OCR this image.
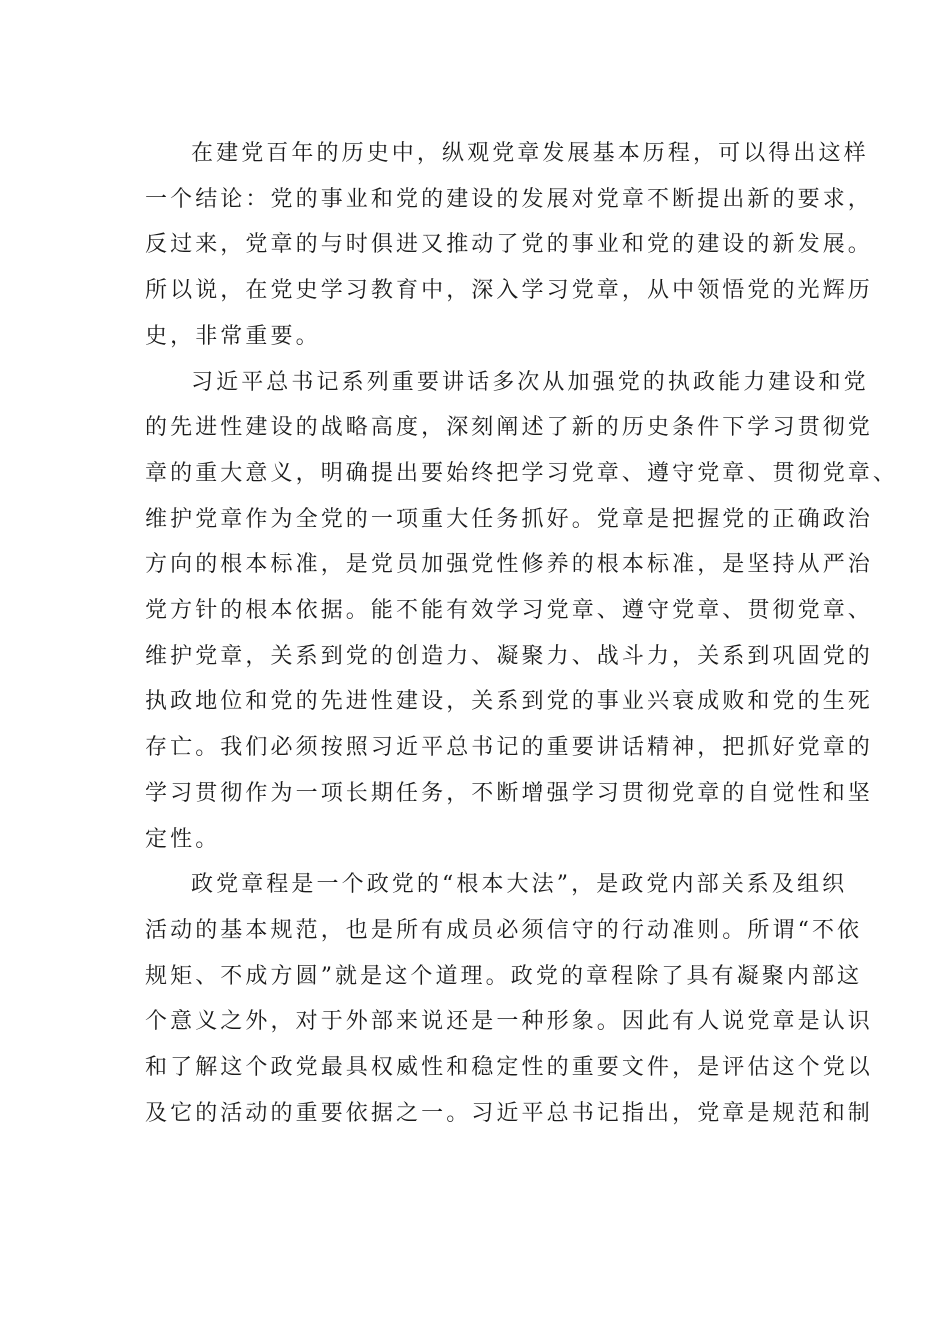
在建党百年的历史中，纵观党章发展基本历程，可以得出这样
一个结论：党的事业和党的建设的发展对党章不断提出新的要求，
反过来，党章的与时俱进又推动了党的事业和党的建设的新发展。
所以说，在党史学习教育中，深入学习党章，从中领悟党的光辉历
史，非常重要。

习近平总书记系列重要讲话多次从加强党的执政能力建设和党
的先进性建设的战略高度，深刻阐述了新的历史条件下学习贯彻党
章的重大意义，明确提出要始终把学习党章、遵守党章、贯彻党章、
维护党章作为全党的一项重大任务抓好。党章是把握党的正确政治
方向的根本标准，是党员加强党性修养的根本标准，是坚持从严治
党方针的根本依据。能不能有效学习党章、遵守党章、贯彻党章、
维护党章，关系到党的创造力、凝聚力、战斗力，关系到巩固党的
执政地位和党的先进性建设，关系到党的事业兴衰成败和党的生死
存亡。我们必须按照习近平总书记的重要讲话精神，把抓好党章的
学习贯彻作为一项长期任务，不断增强学习贯彻党章的自觉性和坚
定性。

政党章程是一个政党的“根本大法”，是政党内部关系及组织
活动的基本规范，也是所有成员必须信守的行动准则。所谓“不依
规矩、不成方圆”就是这个道理。政党的章程除了具有凝聚内部这
个意义之外，对于外部来说还是一种形象。因此有人说党章是认识
和了解这个政党最具权威性和稳定性的重要文件，是评估这个党以
及它的活动的重要依据之一。习近平总书记指出，党章是规范和制
